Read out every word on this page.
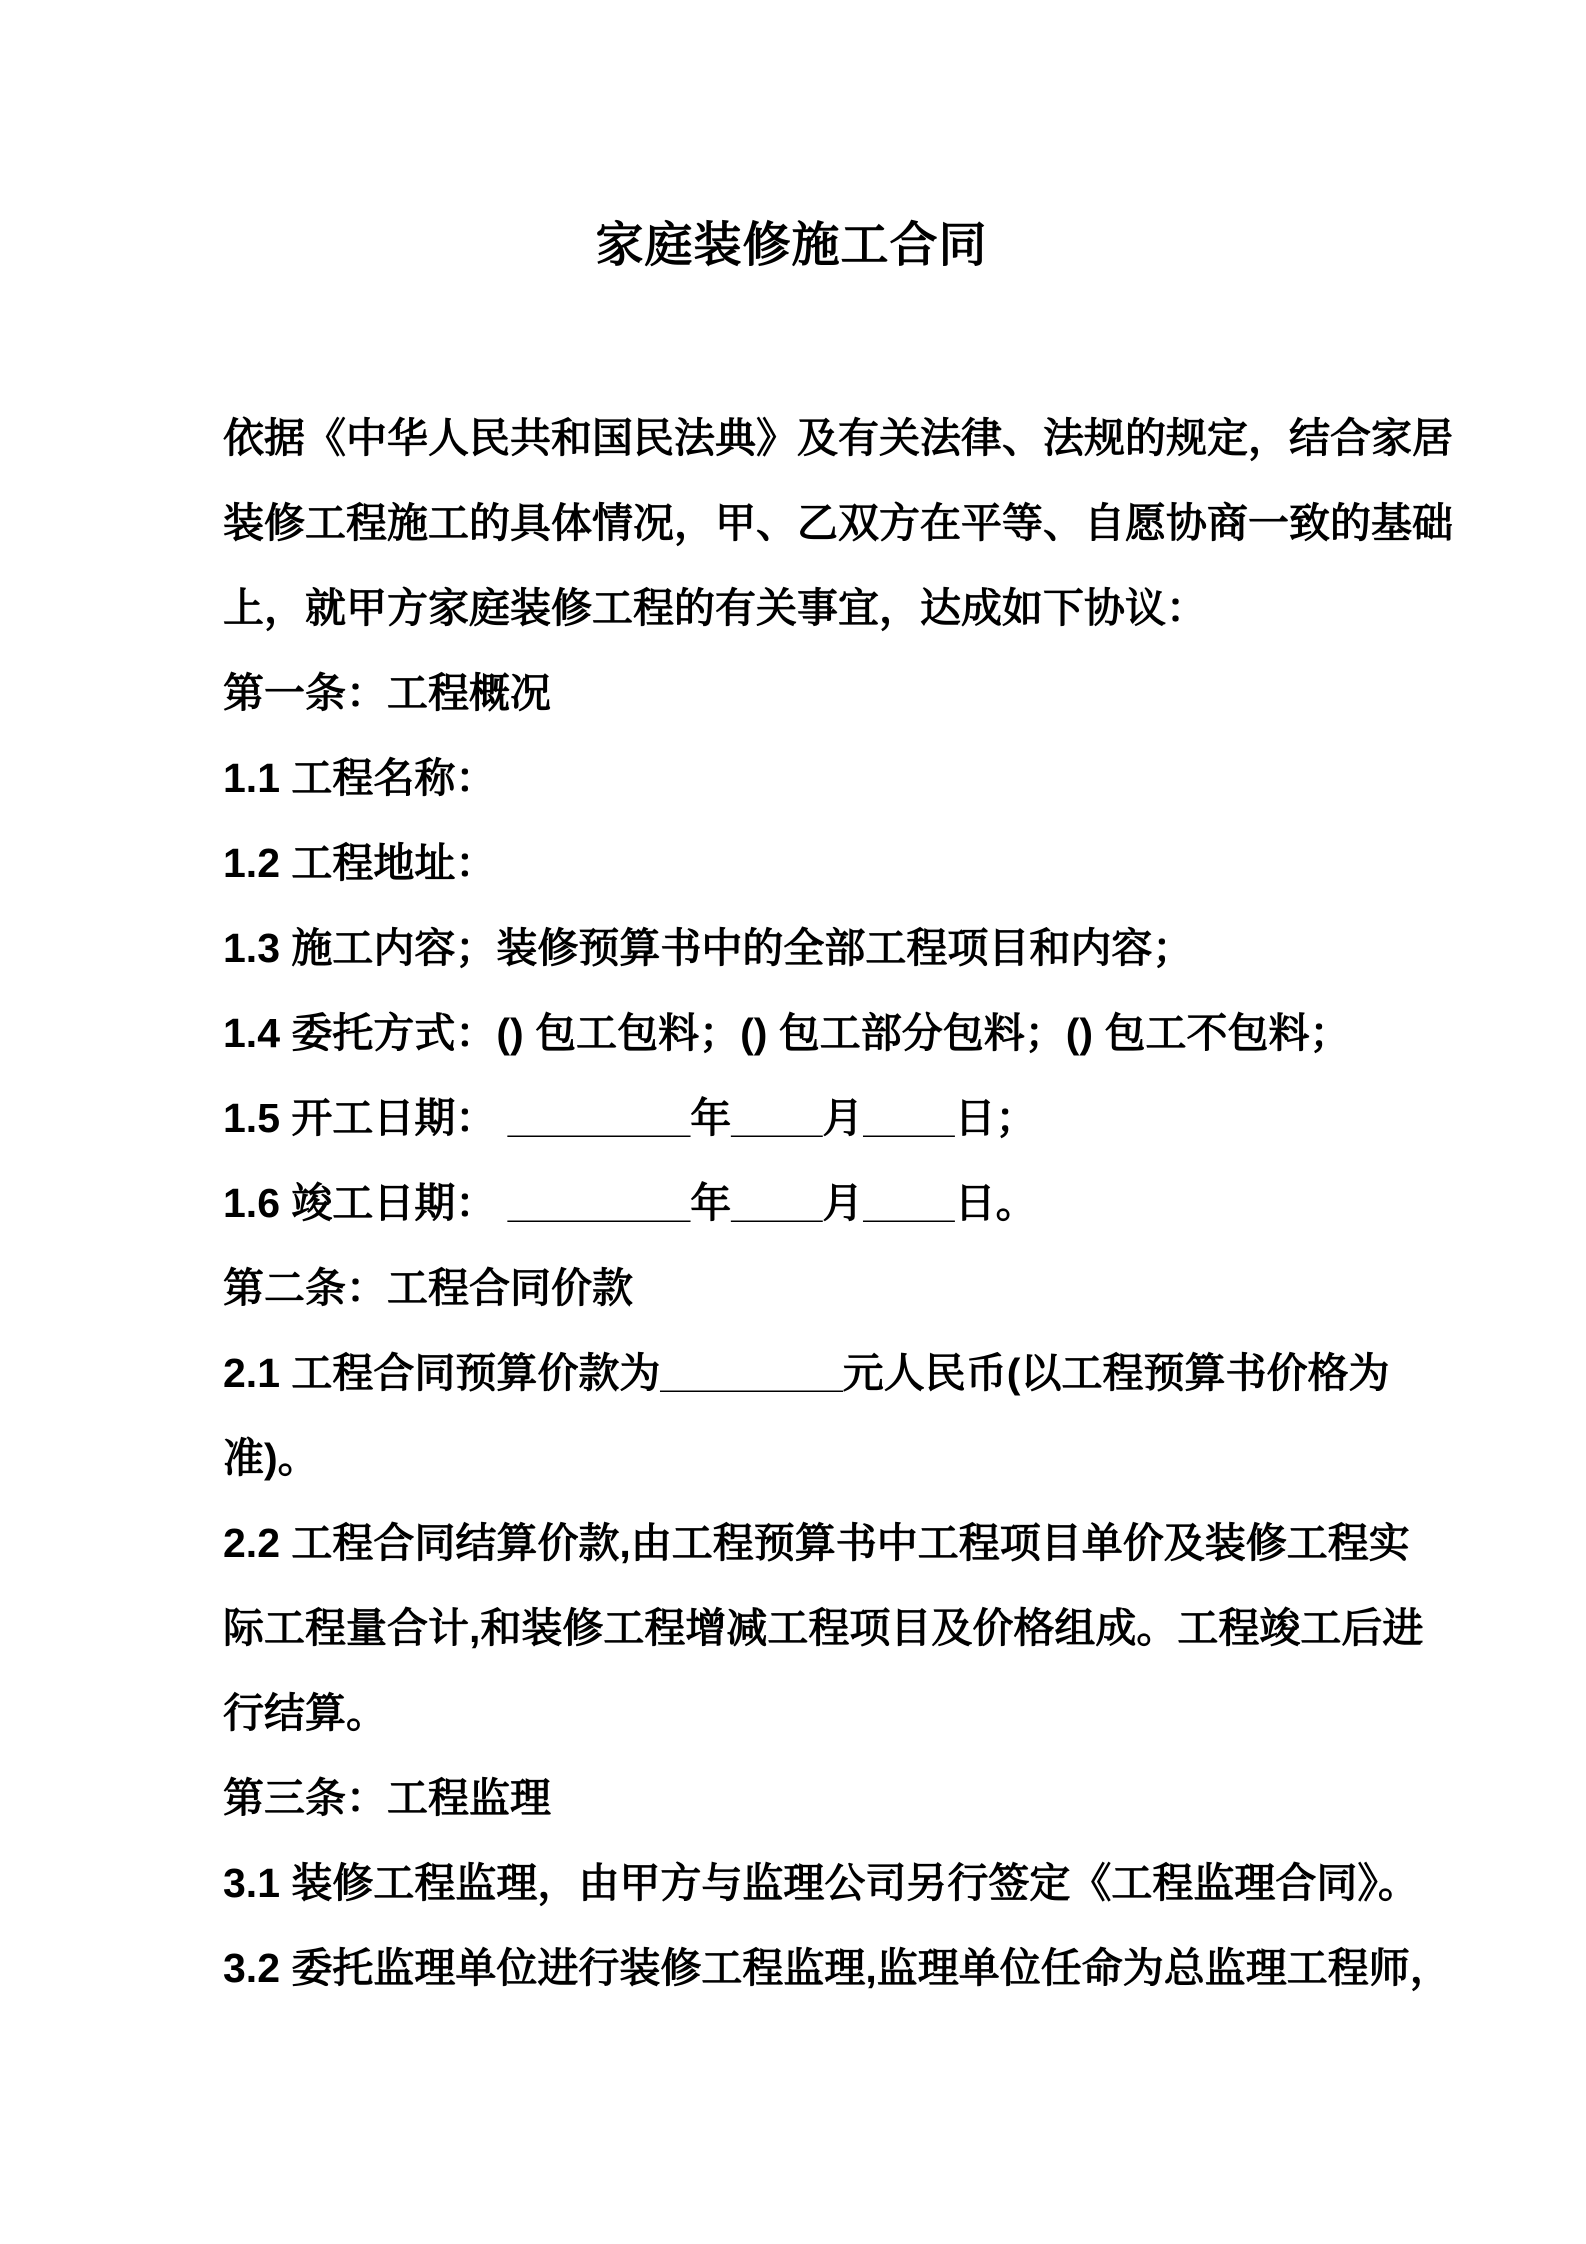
家庭装修施工合同

依据《中华人民共和国民法典》及有关法律、法规的规定，结合家居

装修工程施工的具体情况，甲、乙双方在平等、自愿协商一致的基础

上，就甲方家庭装修工程的有关事宜，达成如下协议：

第一条：工程概况

1.1 工程名称：

1.2 工程地址：

1.3 施工内容；装修预算书中的全部工程项目和内容；

1.4 委托方式：() 包工包料；() 包工部分包料；() 包工不包料；

1.5 开工日期： ________年____月____日；

1.6 竣工日期： ________年____月____日。

第二条：工程合同价款

2.1 工程合同预算价款为________元人民币(以工程预算书价格为

准)。

2.2 工程合同结算价款,由工程预算书中工程项目单价及装修工程实

际工程量合计,和装修工程增减工程项目及价格组成。工程竣工后进

行结算。

第三条：工程监理

3.1 装修工程监理，由甲方与监理公司另行签定《工程监理合同》。

3.2 委托监理单位进行装修工程监理,监理单位任命为总监理工程师，
